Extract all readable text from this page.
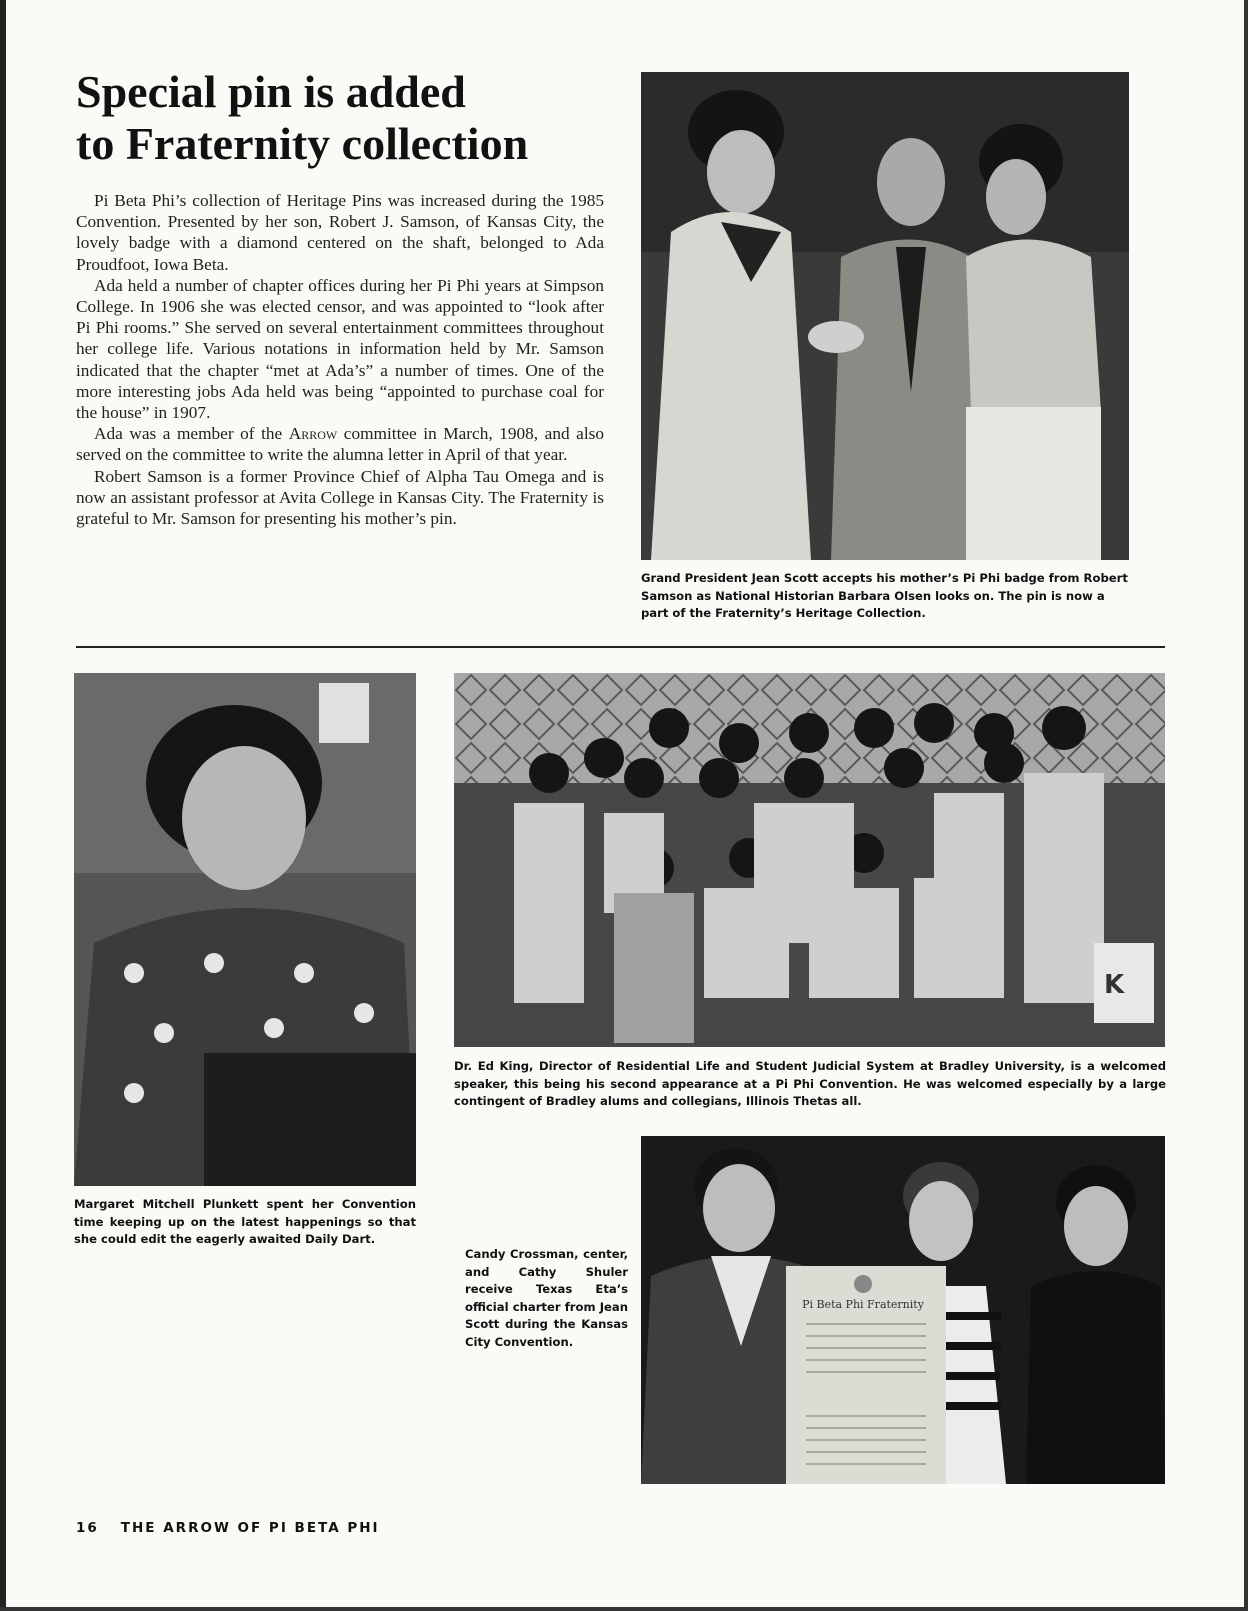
Special pin is added
to Fraternity collection

Pi Beta Phi’s collection of Heritage Pins was increased during the 1985 Convention. Presented by her son, Robert J. Samson, of Kansas City, the lovely badge with a diamond centered on the shaft, belonged to Ada Proudfoot, Iowa Beta.

Ada held a number of chapter offices during her Pi Phi years at Simpson College. In 1906 she was elected censor, and was appointed to “look after Pi Phi rooms.” She served on several entertainment committees throughout her college life. Various notations in information held by Mr. Samson indicated that the chapter “met at Ada’s” a number of times. One of the more interesting jobs Ada held was being “appointed to purchase coal for the house” in 1907.

Ada was a member of the Arrow committee in March, 1908, and also served on the committee to write the alumna letter in April of that year.

Robert Samson is a former Province Chief of Alpha Tau Omega and is now an assistant professor at Avita College in Kansas City. The Fraternity is grateful to Mr. Samson for presenting his mother’s pin.

Grand President Jean Scott accepts his mother’s Pi Phi badge from Robert Samson as National Historian Barbara Olsen looks on. The pin is now a part of the Fraternity’s Heritage Collection.
Margaret Mitchell Plunkett spent her Convention time keeping up on the latest happenings so that she could edit the eagerly awaited Daily Dart.
K
Dr. Ed King, Director of Residential Life and Student Judicial System at Bradley University, is a welcomed speaker, this being his second appearance at a Pi Phi Convention. He was welcomed especially by a large contingent of Bradley alums and collegians, Illinois Thetas all.
Candy Crossman, center, and Cathy Shuler receive Texas Eta’s official charter from Jean Scott during the Kansas City Convention.
Pi Beta Phi Fraternity
16 THE ARROW OF PI BETA PHI
